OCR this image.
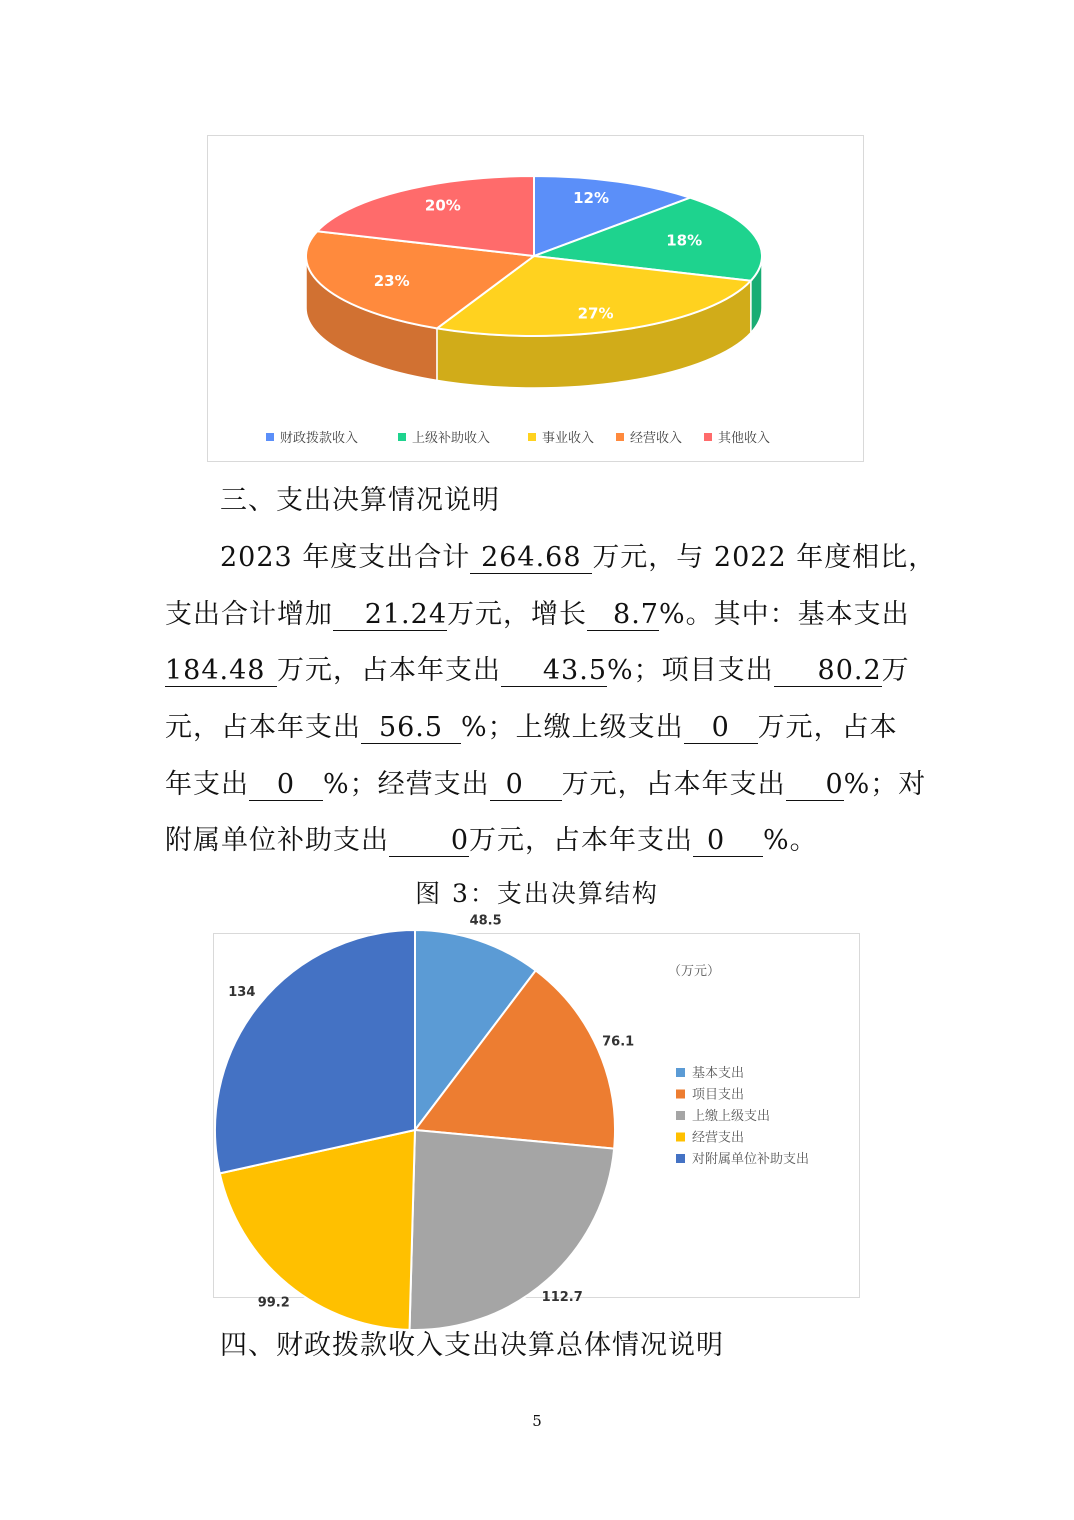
12%
18%
27%
23%
20%
财政拨款收入	上级补助收入	事业收入	经营收入	其他收入
三、支出决算情况说明
2023 年度支出合计 264.68 万元，与 2022 年度相比，
支出合计增加 21.24万元，增长 8.7%。其中：基本支出
184.48 万元，占本年支出 43.5%；项目支出 80.2万
元，占本年支出 56.5 %；上缴上级支出 0 万元，占本
年支出 0 %；经营支出 0 万元，占本年支出 0%；对
附属单位补助支出 0万元，占本年支出 0 %。
图 3：支出决算结构
48.5
76.1
112.7
99.2
134
（万元）
基本支出
项目支出
上缴上级支出
经营支出
对附属单位补助支出
四、财政拨款收入支出决算总体情况说明
5
